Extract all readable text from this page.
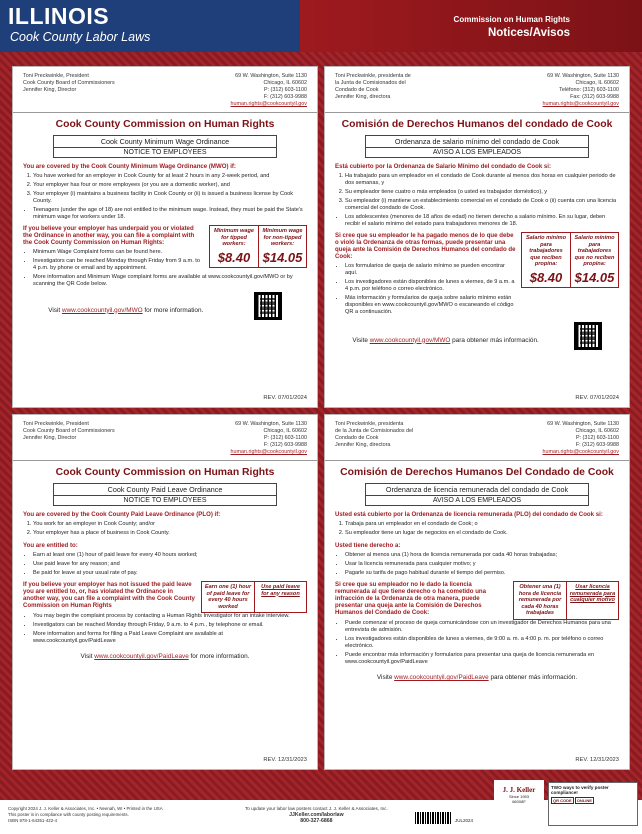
ILLINOIS
Cook County Labor Laws
Commission on Human Rights
Notices/Avisos
Toni Preckwinkle, President
Cook County Board of Commissioners
Jennifer King, Director
69 W. Washington, Suite 1130
Chicago, IL 60602
P: (312) 603-1100
F: (312) 603-9988
human.rights@cookcountyil.gov
Cook County Commission on Human Rights
Cook County Minimum Wage Ordinance
NOTICE TO EMPLOYEES
You are covered by the Cook County Minimum Wage Ordinance (MWO) if:
1. You have worked for an employer in Cook County for at least 2 hours in any 2-week period, and
2. Your employer has four or more employees (or you are a domestic worker), and
3. Your employer (i) maintains a business facility in Cook County or (ii) is issued a business license by Cook County.
• Teenagers (under the age of 18) are not entitled to the minimum wage. Instead, they must be paid the State's minimum wage for workers under 18.
If you believe your employer has underpaid you or violated the Ordinance in another way, you can file a complaint with the Cook County Commission on Human Rights:
• Minimum Wage Complaint forms can be found here.
• Investigators can be reached Monday through Friday from 9 a.m. to 4 p.m. by phone or email and by appointment.
Minimum wage for tipped workers:
$8.40
Minimum wage for non-tipped workers:
$14.05
• More information and Minimum Wage complaint forms are available at www.cookcountyil.gov/MWO or by scanning the QR Code below.
Visit www.cookcountyil.gov/MWO for more information.
REV. 07/01/2024
Toni Preckwinkle, presidenta de
la Junta de Comisionados del
Condado de Cook
Jennifer King, directora
69 W. Washington, Suite 1130
Chicago, IL 60602
Teléfono: (312) 603-1100
Fax: (312) 603-9988
human.rights@cookcountyil.gov
Comisión de Derechos Humanos del condado de Cook
Ordenanza de salario mínimo del condado de Cook
AVISO A LOS EMPLEADOS
Está cubierto por la Ordenanza de Salario Mínimo del condado de Cook si:
1. Ha trabajado para un empleador en el condado de Cook durante al menos dos horas en cualquier periodo de dos semanas, y
2. Su empleador tiene cuatro o más empleados (o usted es trabajador doméstico), y
3. Su empleador (i) mantiene un establecimiento comercial en el condado de Cook o (ii) cuenta con una licencia comercial del condado de Cook.
• Los adolescentes (menores de 18 años de edad) no tienen derecho a salario mínimo. En su lugar, deben recibir el salario mínimo del estado para trabajadores menores de 18.
Si cree que su empleador le ha pagado menos de lo que debe o violó la Ordenanza de otras formas, puede presentar una queja ante la Comisión de Derechos Humanos del condado de Cook:
• Los formularios de queja de salario mínimo se pueden encontrar aquí.
• Los investigadores están disponibles de lunes a viernes, de 9 a.m. a 4 p.m. por teléfono o correo electrónico.
• Más información y formularios de queja sobre salario mínimo están disponibles en www.cookcountyil.gov/MWO o escaneando el código QR a continuación.
Salario mínimo para trabajadores que reciben propina:
$8.40
Salario mínimo para trabajadores que no reciben propina:
$14.05
Visite www.cookcountyil.gov/MWO para obtener más información.
REV. 07/01/2024
Toni Preckwinkle, President
Cook County Board of Commissioners
Jennifer King, Director
69 W. Washington, Suite 1130
Chicago, IL 60602
P: (312) 603-1100
F: (312) 603-9988
human.rights@cookcountyil.gov
Cook County Commission on Human Rights
Cook County Paid Leave Ordinance
NOTICE TO EMPLOYEES
You are covered by the Cook County Paid Leave Ordinance (PLO) if:
1. You work for an employer in Cook County; and/or
2. Your employer has a place of business in Cook County.
You are entitled to:
• Earn at least one (1) hour of paid leave for every 40 hours worked;
• Use paid leave for any reason; and
• Be paid for leave at your usual rate of pay.
If you believe your employer has not issued the paid leave you are entitled to, or, has violated the Ordinance in another way, you can file a complaint with the Cook County Commission on Human Rights
Earn one (1) hour of paid leave for every 40 hours worked
Use paid leave for any reason
• You may begin the complaint process by contacting a Human Rights Investigator for an intake interview.
• Investigators can be reached Monday through Friday, 9 a.m. to 4 p.m., by telephone or email.
• More information and forms for filing a Paid Leave Complaint are available at www.cookcountyil.gov/PaidLeave
Visit www.cookcountyil.gov/PaidLeave for more information.
REV. 12/31/2023
Toni Preckwinkle, presidenta
de la Junta de Comisionados del
Condado de Cook
Jennifer King, directora
69 W. Washington, Suite 1130
Chicago, IL 60602
P: (312) 603-1100
F: (312) 603-9988
human.rights@cookcountyil.gov
Comisión de Derechos Humanos Del Condado de Cook
Ordenanza de licencia remunerada del condado de Cook
AVISO A LOS EMPLEADOS
Usted está cubierto por la Ordenanza de licencia remunerada (PLO) del condado de Cook si:
1. Trabaja para un empleador en el condado de Cook; o
2. Su empleador tiene un lugar de negocios en el condado de Cook.
Usted tiene derecho a:
• Obtener al menos una (1) hora de licencia remunerada por cada 40 horas trabajadas;
• Usar la licencia remunerada para cualquier motivo; y
• Pagarle su tarifa de pago habitual durante el tiempo del permiso.
Si cree que su empleador no le dado la licencia remunerada al que tiene derecho o ha cometido una infracción de la Ordenanza de otra manera, puede presentar una queja ante la Comisión de Derechos Humanos del Condado de Cook:
Obtener una (1) hora de licencia remunerada por cada 40 horas trabajadas
Usar licencia remunerada para cualquier motivo
• Puede comenzar el proceso de queja comunicándose con un investigador de Derechos Humanos para una entrevista de admisión.
• Los investigadores están disponibles de lunes a viernes, de 9:00 a. m. a 4:00 p. m. por teléfono o correo electrónico.
• Puede encontrar más información y formularios para presentar una queja de licencia remunerada en www.cookcountyil.gov/PaidLeave
Visite www.cookcountyil.gov/PaidLeave para obtener más información.
REV. 12/31/2023
Copyright 2024 J. J. Keller & Associates, Inc. • Neenah, WI • Printed in the USA
This poster is in compliance with county posting requirements.
ISBN 978-1-64351-422-4
To update your labor law posters contact J. J. Keller & Associates, Inc.
JJKeller.com/laborlaw
800-327-6868	JUL2024
J. J. Keller
Since 1953
66008F
TWO ways to verify poster compliance!
QR CODE ONLINE
